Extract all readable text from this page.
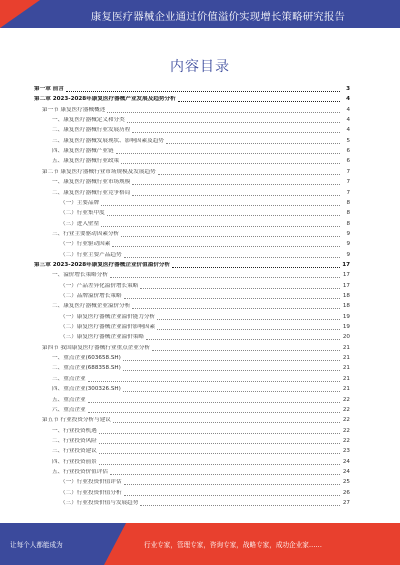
康复医疗器械企业通过价值溢价实现增长策略研究报告
内容目录
第一章 前言	3
第二章 2023-2028年康复医疗器械产业发展及趋势分析	4
第一节 康复医疗器械概述	4
一、康复医疗器械定义和分类	4
二、康复医疗器械行业发展历程	4
三、康复医疗器械发展现状、影响因素及趋势	5
四、康复医疗器械产业链	6
五、康复医疗器械行业政策	6
第二节 康复医疗器械行业市场规模及发展趋势	7
一、康复医疗器械行业市场规模	7
二、康复医疗器械行业竞争格局	7
（一）主要品牌	8
（二）行业集中度	8
（三）进入壁垒	8
三、行业主要驱动因素分析	9
（一）行业驱动因素	9
（二）行业主要产品趋势	9
第三章 2023-2028年康复医疗器械企业价值溢价分析	17
一、溢价增长策略分析	17
（一）产品差异化溢价增长策略	17
（二）品牌溢价增长策略	18
二、康复医疗器械企业溢价分析	18
（一）康复医疗器械企业溢价能力分析	19
（二）康复医疗器械企业溢价影响因素	19
（三）康复医疗器械企业溢价策略	20
第四节 我国康复医疗器械行业重点企业分析	21
一、重点企业(603658.SH)	21
二、重点企业(688358.SH)	21
三、重点企业	21
四、重点企业(300326.SH)	21
五、重点企业	22
六、重点企业	22
第五节 行业投资分析与建议	22
一、行业投资机遇	22
二、行业投资风险	22
三、行业投资建议	23
四、行业投资前景	24
五、行业投资价值评估	24
（一）行业投资价值评估	25
（二）行业投资价值分析	26
（三）行业投资价值与发展趋势	27
让每个人都能成为	行业专家，管理专家，咨询专家，战略专家，成功企业家……
